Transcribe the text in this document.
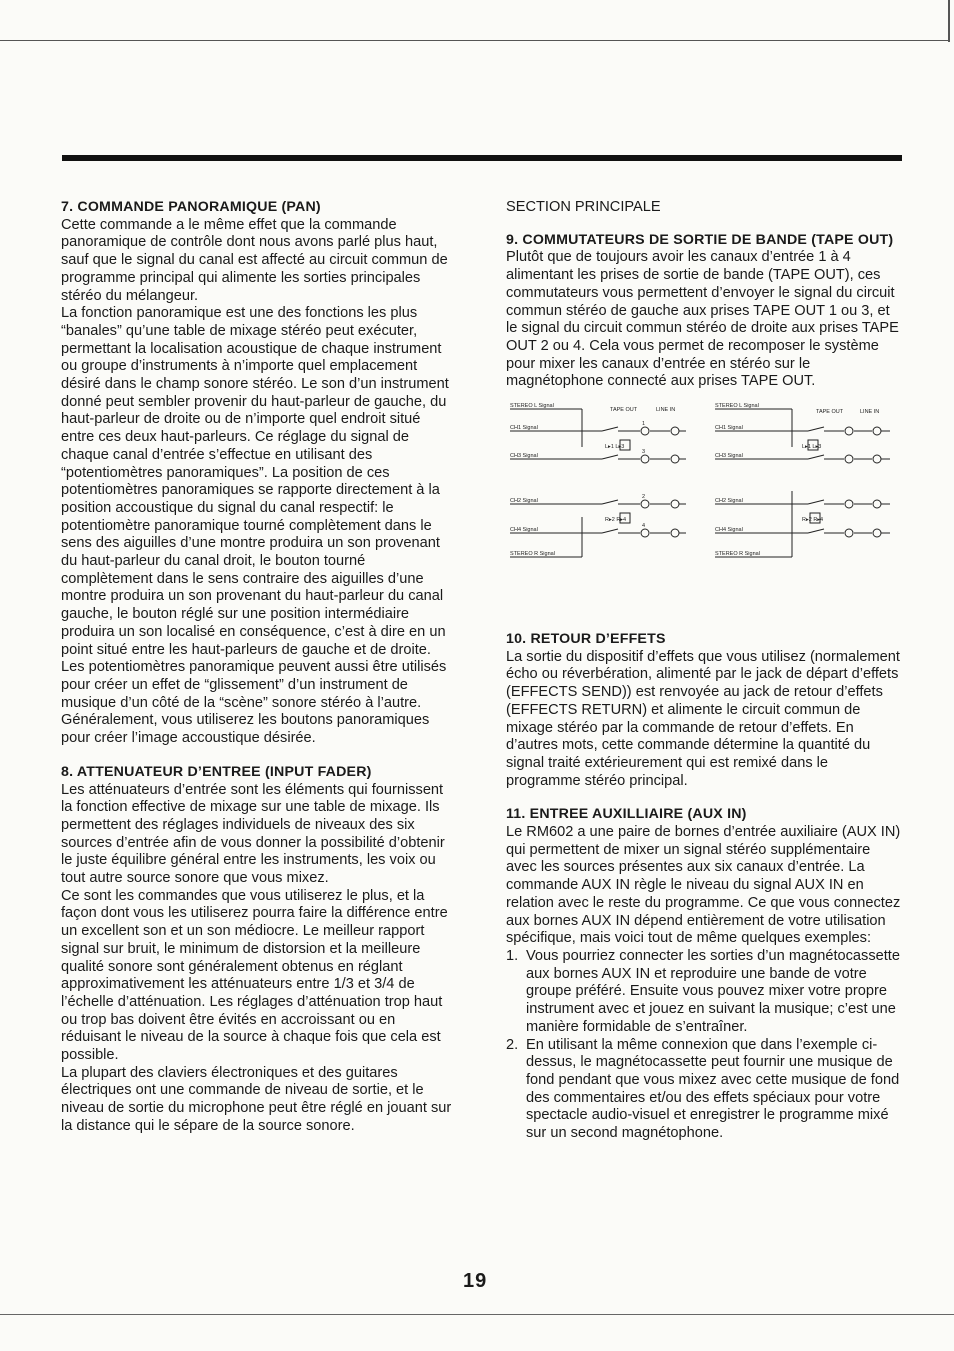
7. COMMANDE PANORAMIQUE (PAN)

Cette commande a le même effet que la commande panoramique de contrôle dont nous avons parlé plus haut, sauf que le signal du canal est affecté au circuit commun de programme principal qui alimente les sorties principales stéréo du mélangeur.

La fonction panoramique est une des fonctions les plus “banales” qu’une table de mixage stéréo peut exécuter, permettant la localisation acoustique de chaque instrument ou groupe d’instruments à n’importe quel emplacement désiré dans le champ sonore stéréo. Le son d’un instrument donné peut sembler provenir du haut-parleur de gauche, du haut-parleur de droite ou de n’importe quel endroit situé entre ces deux haut-parleurs. Ce réglage du signal de chaque canal d’entrée s’effectue en utilisant des “potentiomètres panoramiques”. La position de ces potentiomètres panoramiques se rapporte directement à la position accoustique du signal du canal respectif: le potentiomètre panoramique tourné complètement dans le sens des aiguilles d’une montre produira un son provenant du haut-parleur du canal droit, le bouton tourné complètement dans le sens contraire des aiguilles d’une montre produira un son provenant du haut-parleur du canal gauche, le bouton réglé sur une position intermédiaire produira un son localisé en conséquence, c’est à dire en un point situé entre les haut-parleurs de gauche et de droite.

Les potentiomètres panoramique peuvent aussi être utilisés pour créer un effet de “glissement” d’un instrument de musique d’un côté de la “scène” sonore stéréo à l’autre.

Généralement, vous utiliserez les boutons panoramiques pour créer l’image accoustique désirée.

8. ATTENUATEUR D’ENTREE (INPUT FADER)

Les atténuateurs d’entrée sont les éléments qui fournissent la fonction effective de mixage sur une table de mixage. Ils permettent des réglages individuels de niveaux des six sources d’entrée afin de vous donner la possibilité d’obtenir le juste équilibre général entre les instruments, les voix ou tout autre source sonore que vous mixez.

Ce sont les commandes que vous utiliserez le plus, et la façon dont vous les utiliserez pourra faire la différence entre un excellent son et un son médiocre. Le meilleur rapport signal sur bruit, le minimum de distorsion et la meilleure qualité sonore sont généralement obtenus en réglant approximativement les atténuateurs entre 1/3 et 3/4 de l’échelle d’atténuation. Les réglages d’atténuation trop haut ou trop bas doivent être évités en accroissant ou en réduisant le niveau de la source à chaque fois que cela est possible.

La plupart des claviers électroniques et des guitares électriques ont une commande de niveau de sortie, et le niveau de sortie du microphone peut être réglé en jouant sur la distance qui le sépare de la source sonore.

SECTION PRINCIPALE

9. COMMUTATEURS DE SORTIE DE BANDE (TAPE OUT)

Plutôt que de toujours avoir les canaux d’entrée 1 à 4 alimentant les prises de sortie de bande (TAPE OUT), ces commutateurs vous permettent d’envoyer le signal du circuit commun stéréo de gauche aux prises TAPE OUT 1 ou 3, et le signal du circuit commun stéréo de droite aux prises TAPE OUT 2 ou 4. Cela vous permet de recomposer le système pour mixer les canaux d’entrée en stéréo sur le magnétophone connecté aux prises TAPE OUT.

STEREO L Signal
CH1 Signal
CH3 Signal
TAPE OUT	LINE IN
L▸1 L▸3
CH2 Signal
CH4 Signal
STEREO R Signal
R▸2 R▸4
STEREO L Signal
CH1 Signal
CH3 Signal
TAPE OUT	LINE IN
L▸1 L▸3
CH2 Signal
CH4 Signal
STEREO R Signal
R▸2 R▸4
1
3
2
4
10. RETOUR D’EFFETS

La sortie du dispositif d’effets que vous utilisez (normalement écho ou réverbération, alimenté par le jack de départ d’effets (EFFECTS SEND)) est renvoyée au jack de retour d’effets (EFFECTS RETURN) et alimente le circuit commun de mixage stéréo par la commande de retour d’effets. En d’autres mots, cette commande détermine la quantité du signal traité extérieurement qui est remixé dans le programme stéréo principal.

11. ENTREE AUXILLIAIRE (AUX IN)

Le RM602 a une paire de bornes d’entrée auxiliaire (AUX IN) qui permettent de mixer un signal stéréo supplémentaire avec les sources présentes aux six canaux d’entrée. La commande AUX IN règle le niveau du signal AUX IN en relation avec le reste du programme. Ce que vous connectez aux bornes AUX IN dépend entièrement de votre utilisation spécifique, mais voici tout de même quelques exemples:

1. Vous pourriez connecter les sorties d’un magnétocassette aux bornes AUX IN et reproduire une bande de votre groupe préféré. Ensuite vous pouvez mixer votre propre instrument avec et jouez en suivant la musique; c’est une manière formidable de s’entraîner.
2. En utilisant la même connexion que dans l’exemple ci-dessus, le magnétocassette peut fournir une musique de fond pendant que vous mixez avec cette musique de fond des commentaires et/ou des effets spéciaux pour votre spectacle audio-visuel et enregistrer le programme mixé sur un second magnétophone.
19
